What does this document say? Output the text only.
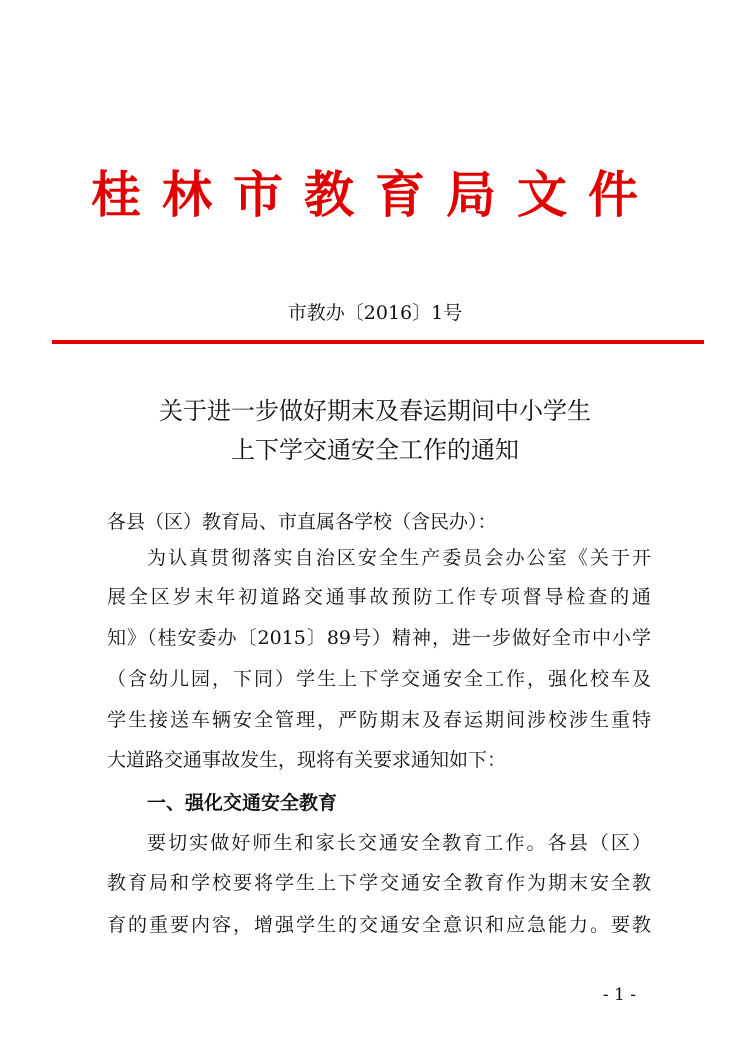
桂林市教育局文件
市教办〔2016〕1号
关于进一步做好期末及春运期间中小学生
上下学交通安全工作的通知
各县（区）教育局、市直属各学校（含民办）：
为认真贯彻落实自治区安全生产委员会办公室《关于开
展全区岁末年初道路交通事故预防工作专项督导检查的通
知》（桂安委办〔2015〕89号）精神，进一步做好全市中小学
（含幼儿园，下同）学生上下学交通安全工作，强化校车及
学生接送车辆安全管理，严防期末及春运期间涉校涉生重特
大道路交通事故发生，现将有关要求通知如下：
一、强化交通安全教育
要切实做好师生和家长交通安全教育工作。各县（区）
教育局和学校要将学生上下学交通安全教育作为期末安全教
育的重要内容，增强学生的交通安全意识和应急能力。要教
- 1 -
